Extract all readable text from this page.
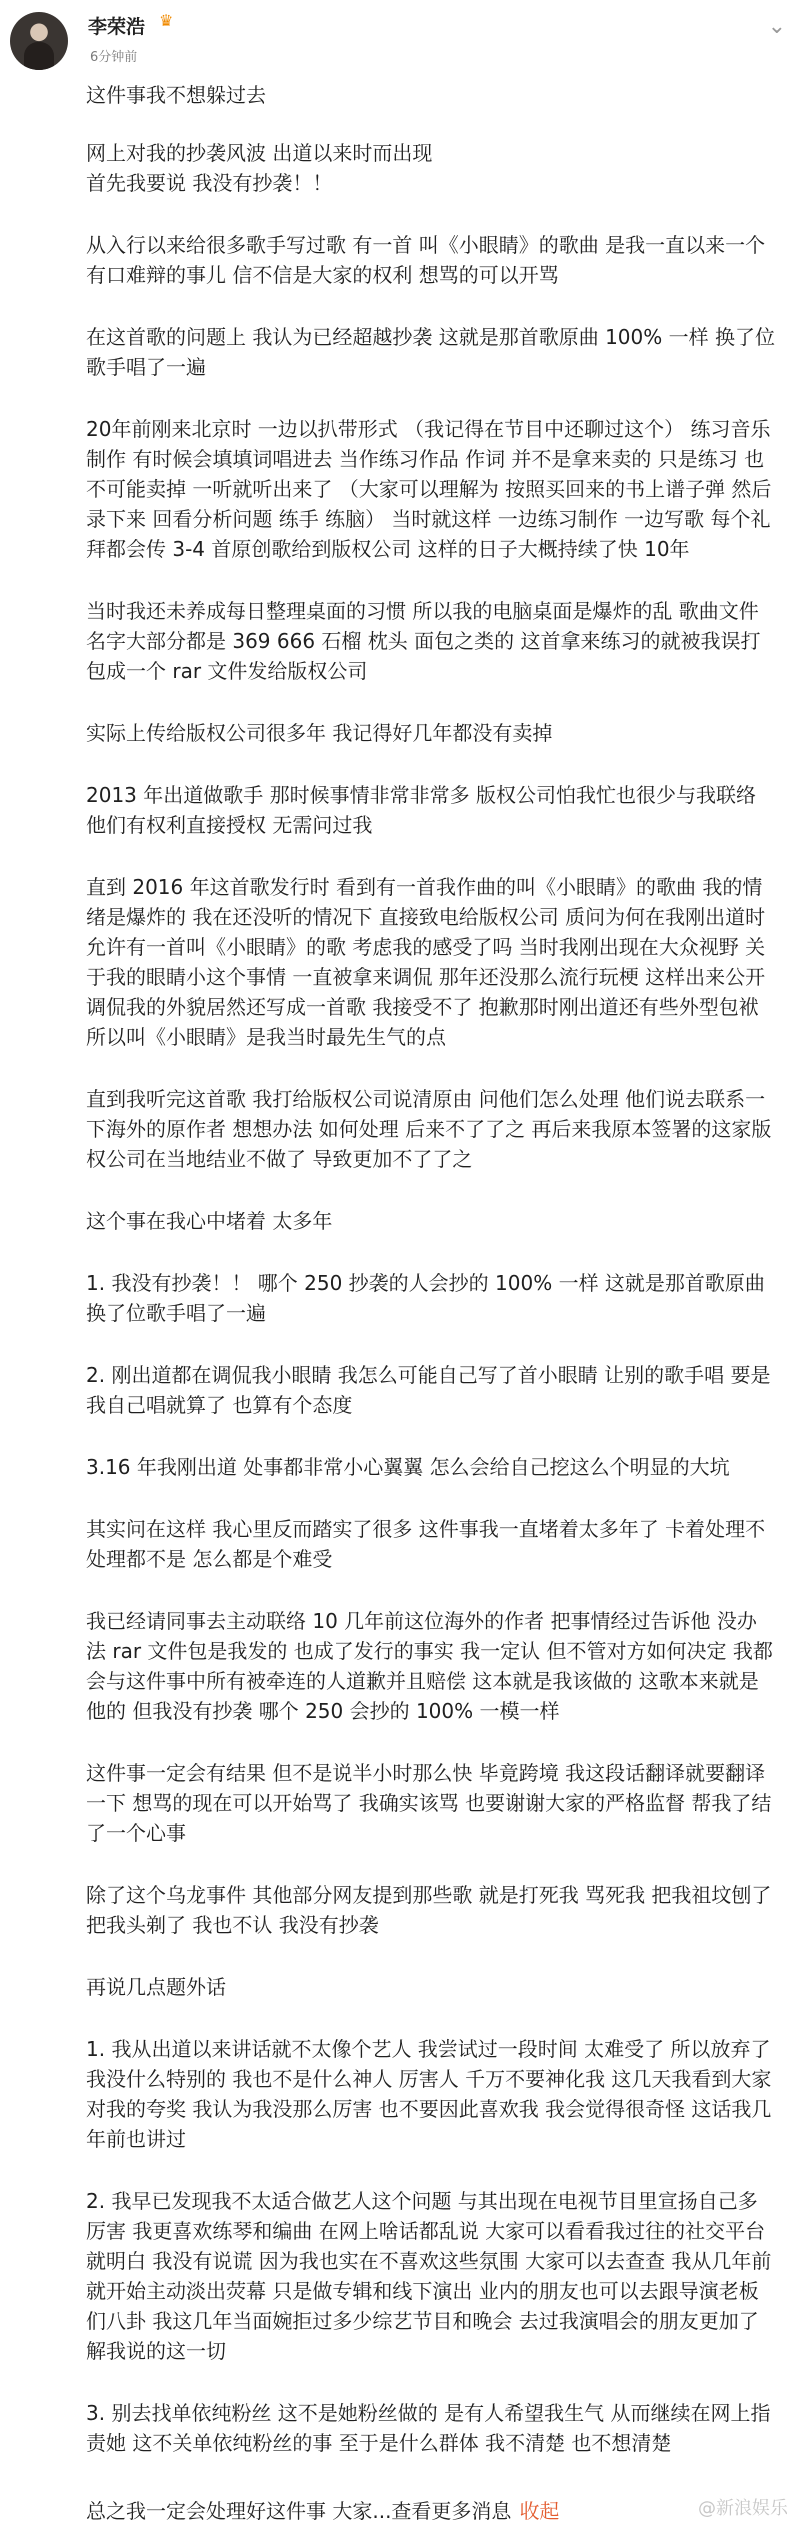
李荣浩 ♛
6分钟前
⌄
这件事我不想躲过去
网上对我的抄袭风波 出道以来时而出现
首先我要说 我没有抄袭！！
从入行以来给很多歌手写过歌 有一首 叫《小眼睛》的歌曲 是我一直以来一个有口难辩的事儿 信不信是大家的权利 想骂的可以开骂
在这首歌的问题上 我认为已经超越抄袭 这就是那首歌原曲 100% 一样 换了位歌手唱了一遍
20年前刚来北京时 一边以扒带形式 （我记得在节目中还聊过这个） 练习音乐制作 有时候会填填词唱进去 当作练习作品 作词 并不是拿来卖的 只是练习 也不可能卖掉 一听就听出来了 （大家可以理解为 按照买回来的书上谱子弹 然后录下来 回看分析问题 练手 练脑） 当时就这样 一边练习制作 一边写歌 每个礼拜都会传 3-4 首原创歌给到版权公司 这样的日子大概持续了快 10年
当时我还未养成每日整理桌面的习惯 所以我的电脑桌面是爆炸的乱 歌曲文件名字大部分都是 369 666 石榴 枕头 面包之类的 这首拿来练习的就被我误打包成一个 rar 文件发给版权公司
实际上传给版权公司很多年 我记得好几年都没有卖掉
2013 年出道做歌手 那时候事情非常非常多 版权公司怕我忙也很少与我联络 他们有权利直接授权 无需问过我
直到 2016 年这首歌发行时 看到有一首我作曲的叫《小眼睛》的歌曲 我的情绪是爆炸的 我在还没听的情况下 直接致电给版权公司 质问为何在我刚出道时 允许有一首叫《小眼睛》的歌 考虑我的感受了吗 当时我刚出现在大众视野 关于我的眼睛小这个事情 一直被拿来调侃 那年还没那么流行玩梗 这样出来公开调侃我的外貌居然还写成一首歌 我接受不了 抱歉那时刚出道还有些外型包袱 所以叫《小眼睛》是我当时最先生气的点
直到我听完这首歌 我打给版权公司说清原由 问他们怎么处理 他们说去联系一下海外的原作者 想想办法 如何处理 后来不了了之 再后来我原本签署的这家版权公司在当地结业不做了 导致更加不了了之
这个事在我心中堵着 太多年
1. 我没有抄袭！！ 哪个 250 抄袭的人会抄的 100% 一样 这就是那首歌原曲 换了位歌手唱了一遍
2. 刚出道都在调侃我小眼睛 我怎么可能自己写了首小眼睛 让别的歌手唱 要是我自己唱就算了 也算有个态度
3.16 年我刚出道 处事都非常小心翼翼 怎么会给自己挖这么个明显的大坑
其实问在这样 我心里反而踏实了很多 这件事我一直堵着太多年了 卡着处理不处理都不是 怎么都是个难受
我已经请同事去主动联络 10 几年前这位海外的作者 把事情经过告诉他 没办法 rar 文件包是我发的 也成了发行的事实 我一定认 但不管对方如何决定 我都会与这件事中所有被牵连的人道歉并且赔偿 这本就是我该做的 这歌本来就是他的 但我没有抄袭 哪个 250 会抄的 100% 一模一样
这件事一定会有结果 但不是说半小时那么快 毕竟跨境 我这段话翻译就要翻译一下 想骂的现在可以开始骂了 我确实该骂 也要谢谢大家的严格监督 帮我了结了一个心事
除了这个乌龙事件 其他部分网友提到那些歌 就是打死我 骂死我 把我祖坟刨了 把我头剃了 我也不认 我没有抄袭
再说几点题外话
1. 我从出道以来讲话就不太像个艺人 我尝试过一段时间 太难受了 所以放弃了 我没什么特别的 我也不是什么神人 厉害人 千万不要神化我 这几天我看到大家对我的夸奖 我认为我没那么厉害 也不要因此喜欢我 我会觉得很奇怪 这话我几年前也讲过
2. 我早已发现我不太适合做艺人这个问题 与其出现在电视节目里宣扬自己多厉害 我更喜欢练琴和编曲 在网上啥话都乱说 大家可以看看我过往的社交平台就明白 我没有说谎 因为我也实在不喜欢这些氛围 大家可以去查查 我从几年前就开始主动淡出荧幕 只是做专辑和线下演出 业内的朋友也可以去跟导演老板们八卦 我这几年当面婉拒过多少综艺节目和晚会 去过我演唱会的朋友更加了解我说的这一切
3. 别去找单依纯粉丝 这不是她粉丝做的 是有人希望我生气 从而继续在网上指责她 这不关单依纯粉丝的事 至于是什么群体 我不清楚 也不想清楚
总之我一定会处理好这件事 大家...查看更多消息 收起	@新浪娱乐
